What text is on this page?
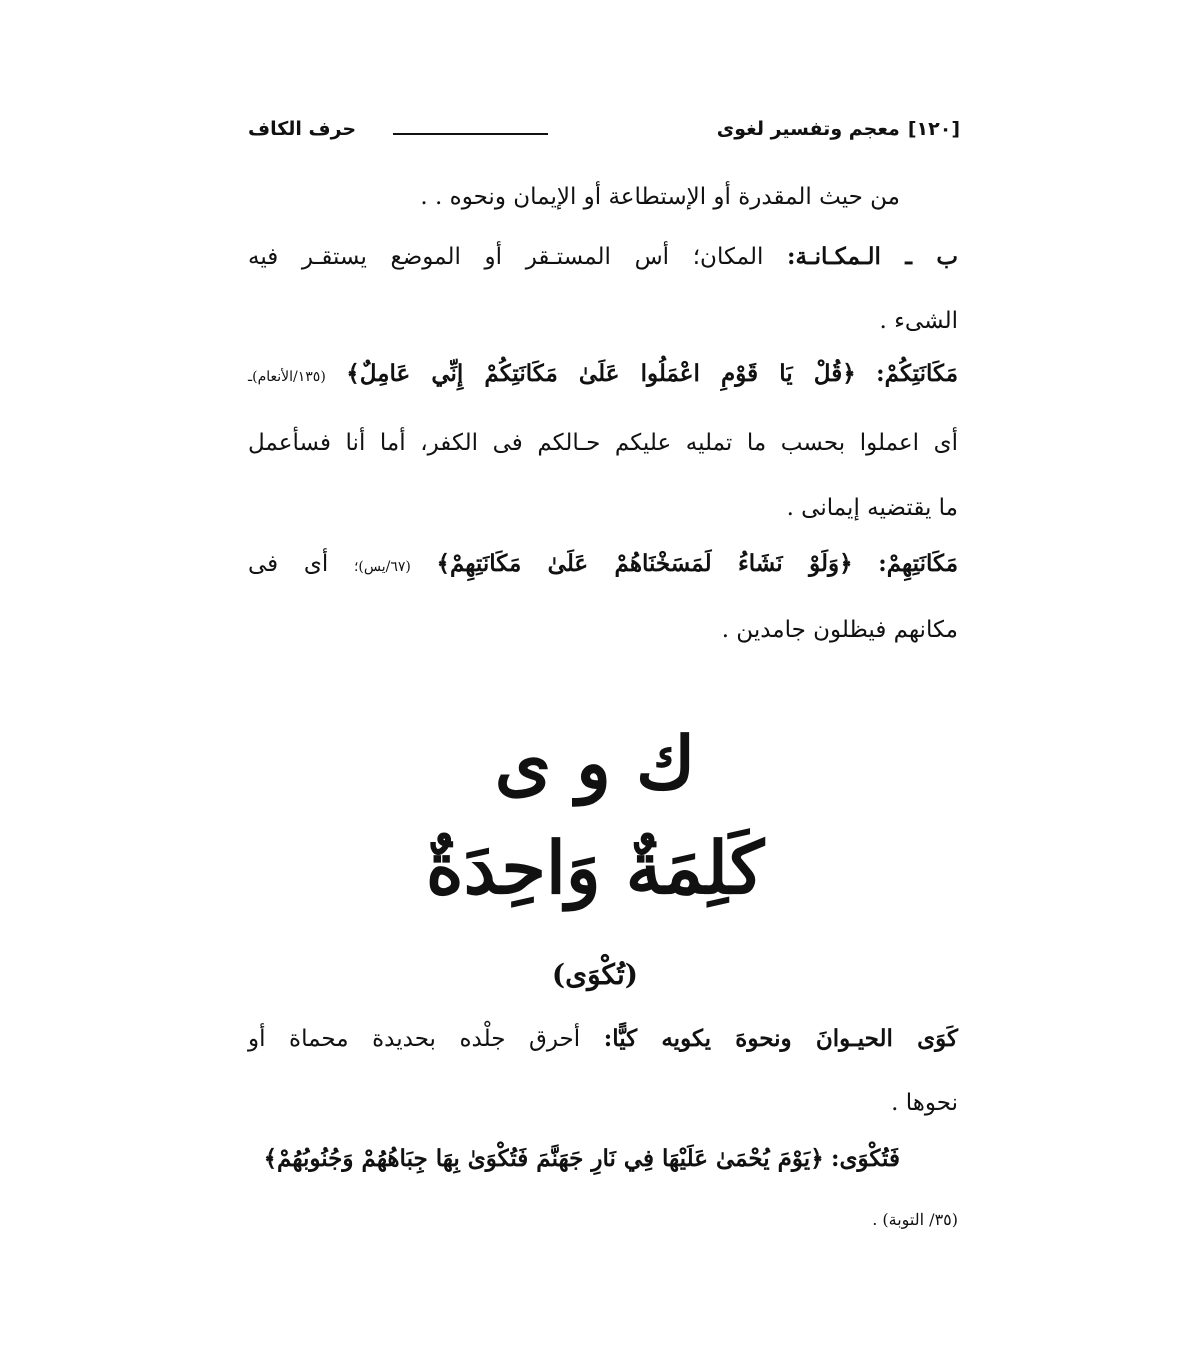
[١٢٠]
معجم وتفسير لغوى
حرف الكاف
من حيث المقدرة أو الإستطاعة أو الإيمان ونحوه . .
ب ـ الـمكـانـة: المكان؛ أس المستـقر أو الموضع يستقـر فيه
الشىء .
مَكَانَتِكُمْ: ﴿قُلْ يَا قَوْمِ اعْمَلُوا عَلَىٰ مَكَانَتِكُمْ إِنِّي عَامِلٌ﴾ (١٣٥/الأنعام)ـ
أى اعملوا بحسب ما تمليه عليكم حـالكم فى الكفر، أما أنا فسأعمل
ما يقتضيه إيمانى .
مَكَانَتِهِمْ: ﴿وَلَوْ نَشَاءُ لَمَسَخْنَاهُمْ عَلَىٰ مَكَانَتِهِمْ﴾ (٦٧/يس)؛ أى فى
مكانهم فيظلون جامدين .
ك و ى
كَلِمَةٌ وَاحِدَةٌ
(تُكْوَى)
كَوَى الحيـوانَ ونحوهَ يكويه كيًّا: أحرق جلْده بحديدة محماة أو
نحوها .
فَتُكْوَى: ﴿يَوْمَ يُحْمَىٰ عَلَيْهَا فِي نَارِ جَهَنَّمَ فَتُكْوَىٰ بِهَا جِبَاهُهُمْ وَجُنُوبُهُمْ﴾
(٣٥/ التوبة) .
